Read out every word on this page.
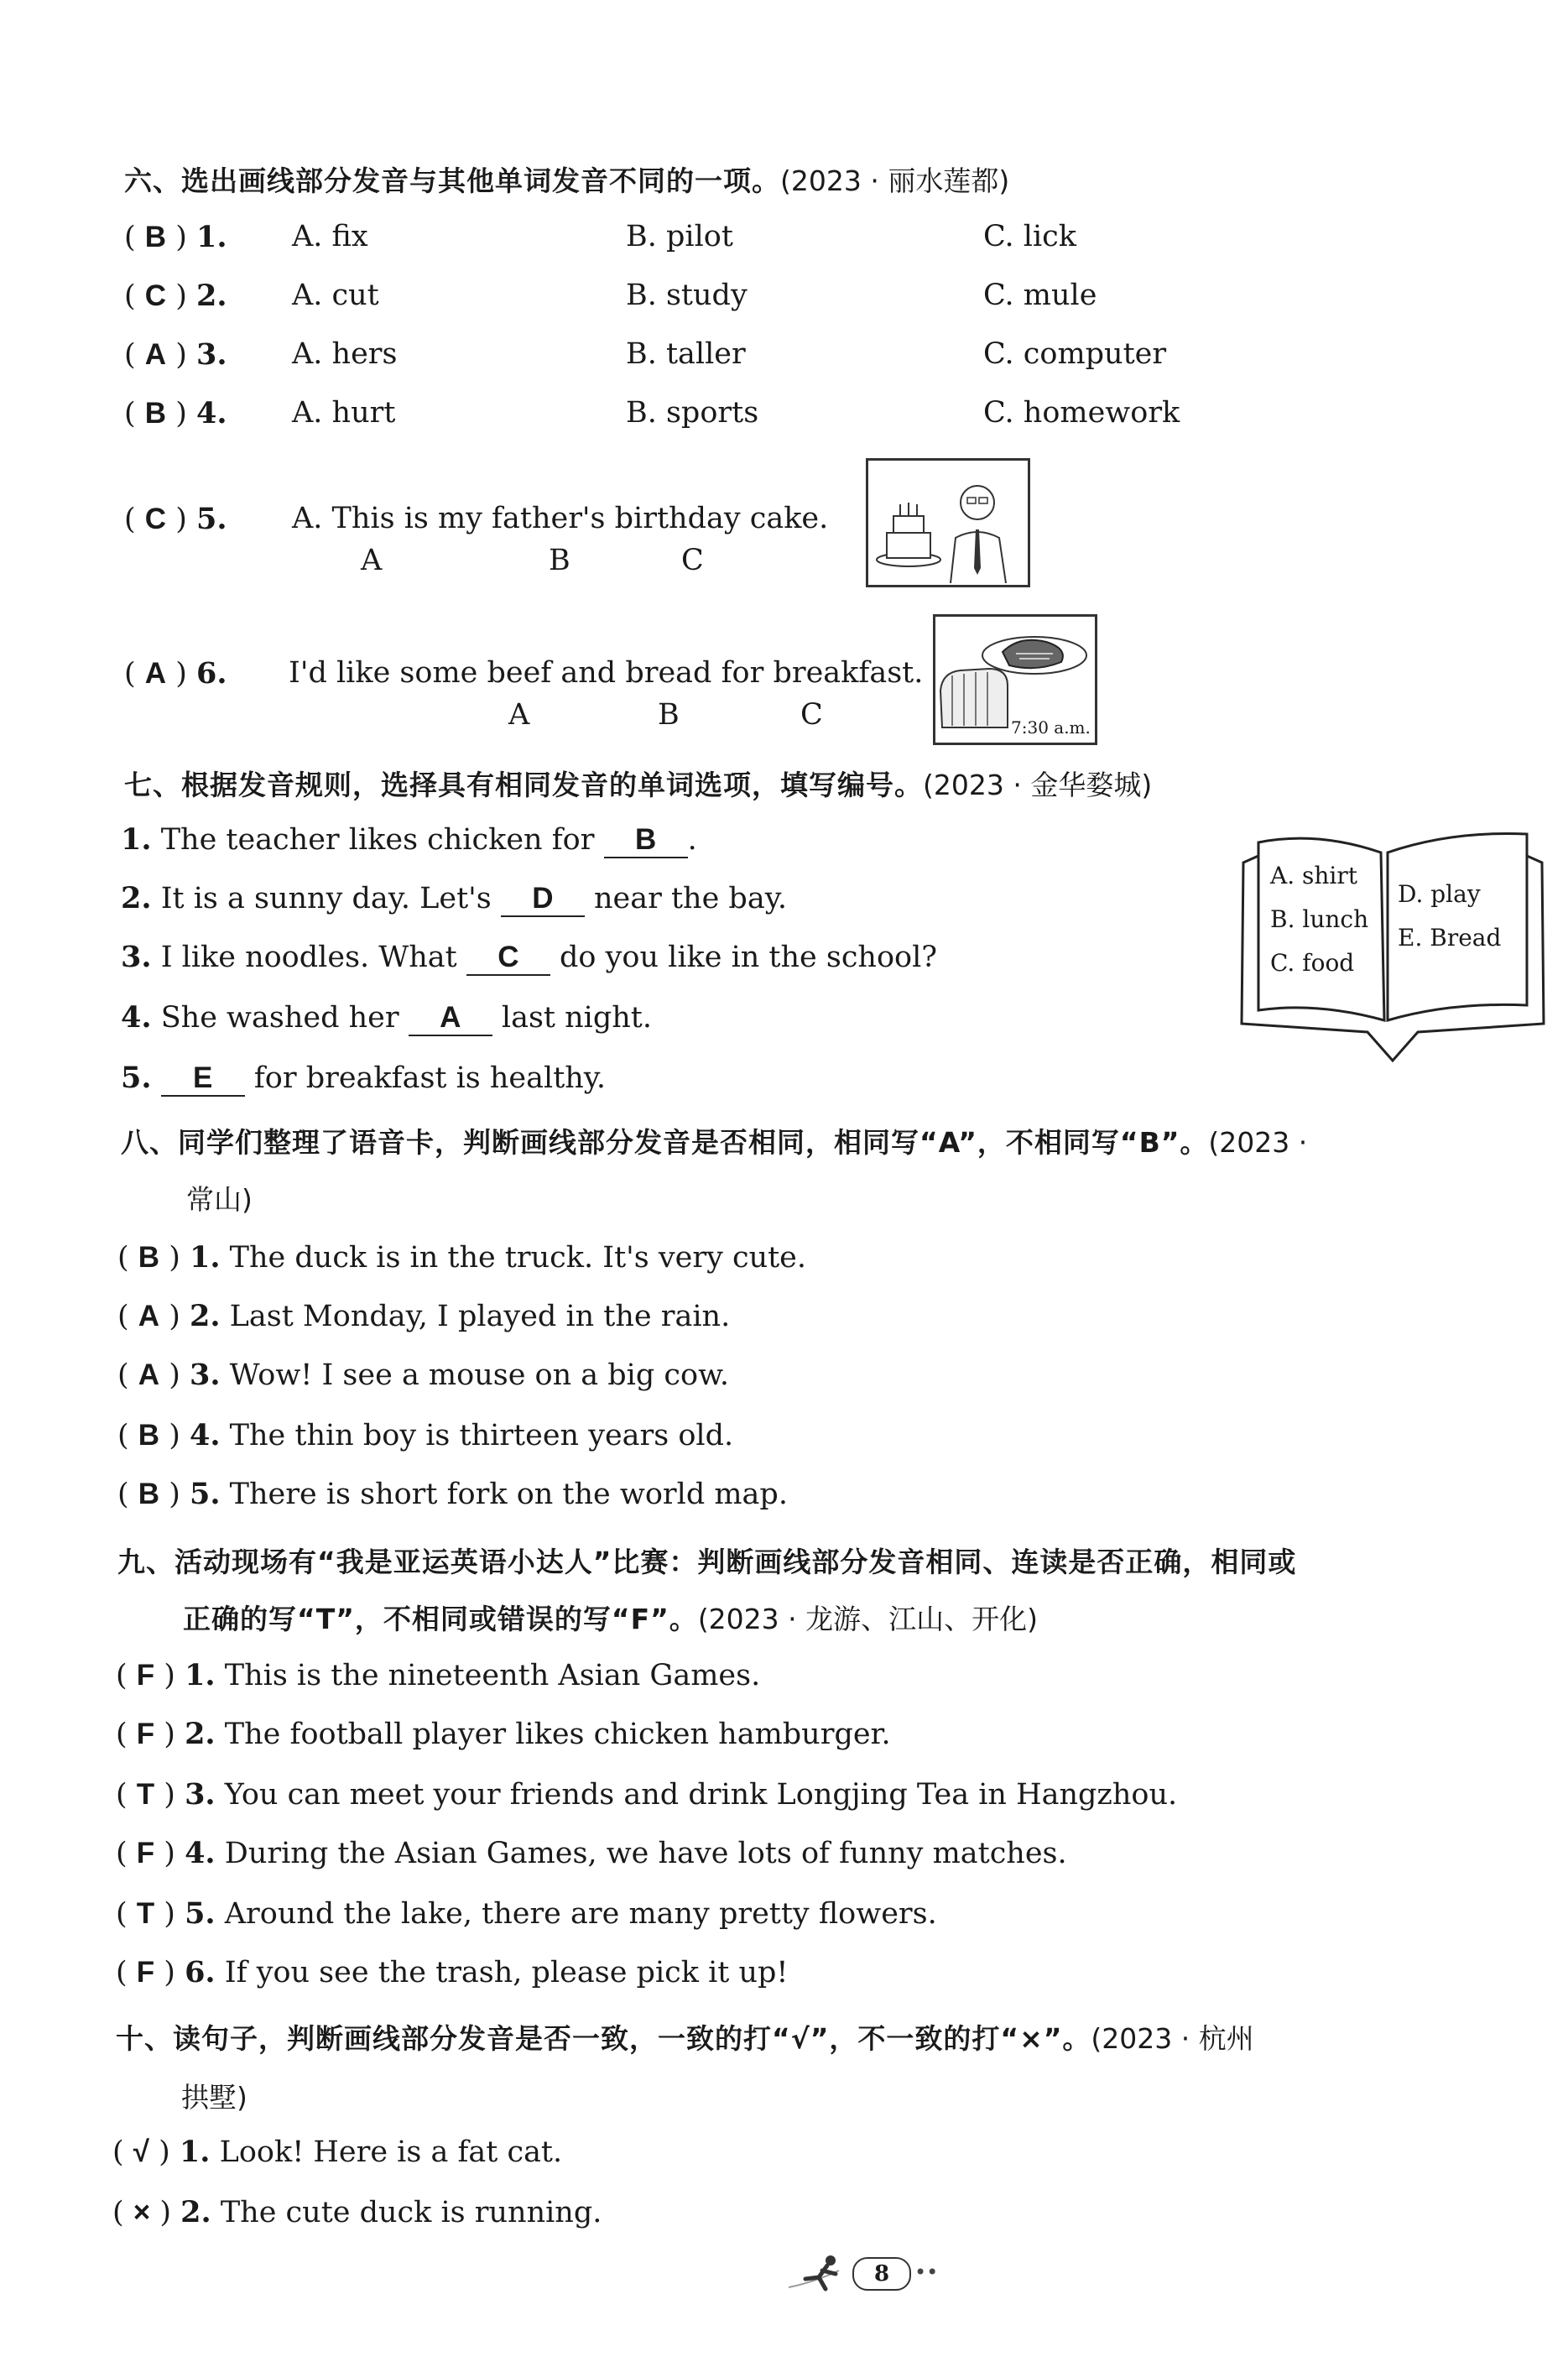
六、选出画线部分发音与其他单词发音不同的一项。(2023 · 丽水莲都)
( B ) 1. A. fix	B. pilot	C. lick
( C ) 2. A. cut	B. study	C. mule
( A ) 3. A. hers	B. taller	C. computer
( B ) 4. A. hurt	B. sports	C. homework
( C ) 5. A. This is my father's birthday cake.
A	B	C
( A ) 6. I'd like some beef and bread for breakfast.
A	B	C	7:30 a.m.
七、根据发音规则，选择具有相同发音的单词选项，填写编号。(2023 · 金华婺城)
1. The teacher likes chicken for B .
2. It is a sunny day. Let's D near the bay.
3. I like noodles. What C do you like in the school?
4. She washed her A last night.
5. E for breakfast is healthy.
A. shirt
B. lunch
C. food
D. play
E. Bread
八、同学们整理了语音卡，判断画线部分发音是否相同，相同写“A”，不相同写“B”。(2023 ·
常山)
( B ) 1. The duck is in the truck. It's very cute.
( A ) 2. Last Monday, I played in the rain.
( A ) 3. Wow! I see a mouse on a big cow.
( B ) 4. The thin boy is thirteen years old.
( B ) 5. There is short fork on the world map.
九、活动现场有“我是亚运英语小达人”比赛：判断画线部分发音相同、连读是否正确，相同或
正确的写“T”，不相同或错误的写“F”。(2023 · 龙游、江山、开化)
( F ) 1. This is the nineteenth Asian Games.
( F ) 2. The football player likes chicken hamburger.
( T ) 3. You can meet your friends and drink Longjing Tea in Hangzhou.
( F ) 4. During the Asian Games, we have lots of funny matches.
( T ) 5. Around the lake, there are many pretty flowers.
( F ) 6. If you see the trash, please pick it up!
十、读句子，判断画线部分发音是否一致，一致的打“√”，不一致的打“×”。(2023 · 杭州
拱墅)
( √ ) 1. Look! Here is a fat cat.
( × ) 2. The cute duck is running.
8	••
